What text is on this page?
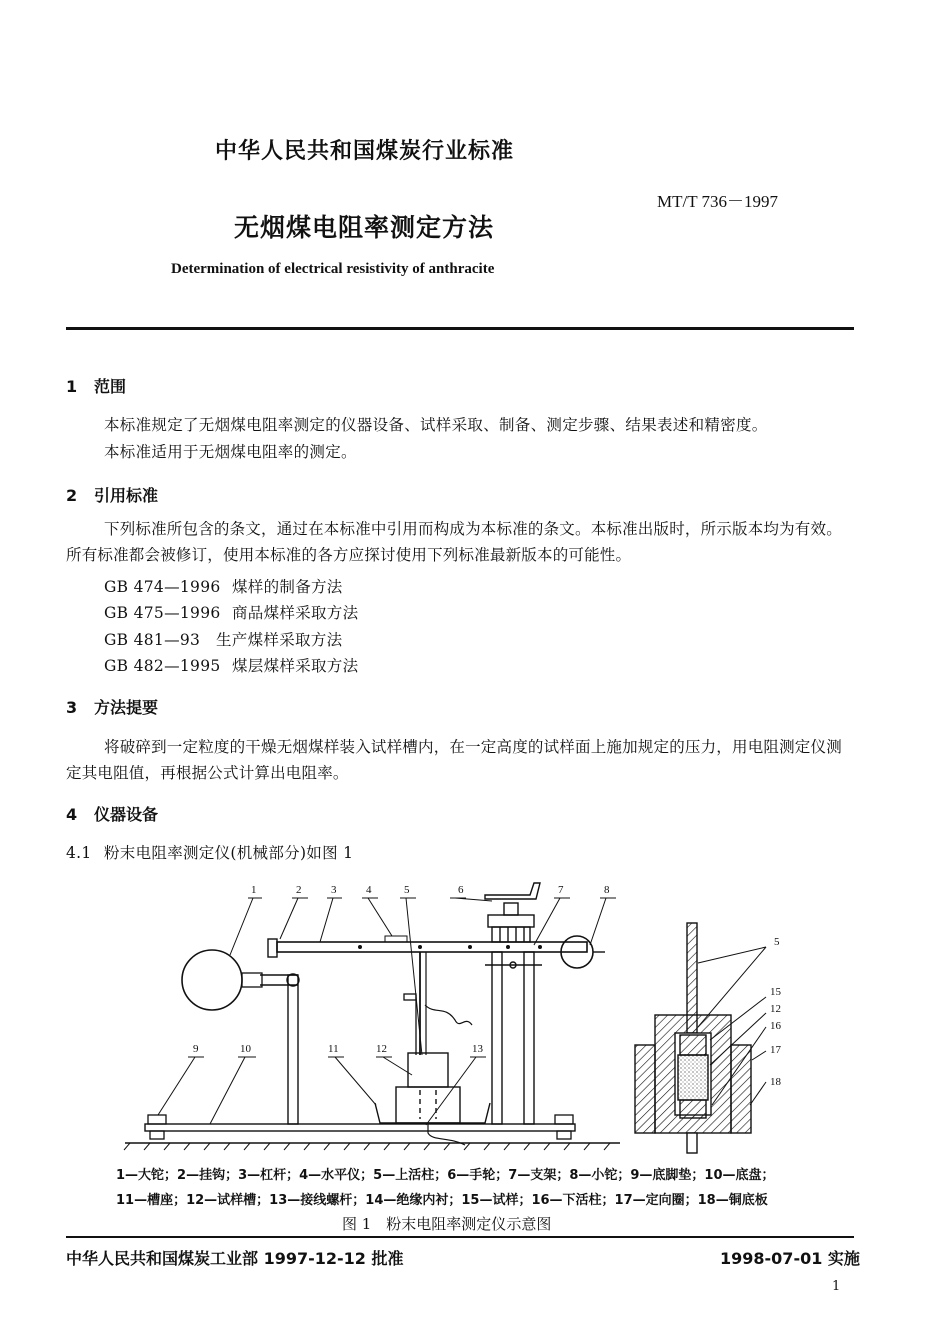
中华人民共和国煤炭行业标准
MT/T 736－1997
无烟煤电阻率测定方法
Determination of electrical resistivity of anthracite
1 范围
本标准规定了无烟煤电阻率测定的仪器设备、试样采取、制备、测定步骤、结果表述和精密度。
本标准适用于无烟煤电阻率的测定。
2 引用标准
下列标准所包含的条文，通过在本标准中引用而构成为本标准的条文。本标准出版时，所示版本均为有效。所有标准都会被修订，使用本标准的各方应探讨使用下列标准最新版本的可能性。
GB 474—1996 煤样的制备方法
GB 475—1996 商品煤样采取方法
GB 481—93 生产煤样采取方法
GB 482—1995 煤层煤样采取方法
3 方法提要
将破碎到一定粒度的干燥无烟煤样装入试样槽内，在一定高度的试样面上施加规定的压力，用电阻测定仪测定其电阻值，再根据公式计算出电阻率。
4 仪器设备
4.1 粉末电阻率测定仪(机械部分)如图 1
1	2	3	4	5	6	7	8
9	10	11	12	13
5
15
12
16
17
18
1—大铊；2—挂钩；3—杠杆；4—水平仪；5—上活柱；6—手轮；7—支架；8—小铊；9—底脚垫；10—底盘；
11—槽座；12—试样槽；13—接线螺杆；14—绝缘内衬；15—试样；16—下活柱；17—定向圈；18—铜底板
图 1　粉末电阻率测定仪示意图
中华人民共和国煤炭工业部 1997-12-12 批准	1998-07-01 实施
1
